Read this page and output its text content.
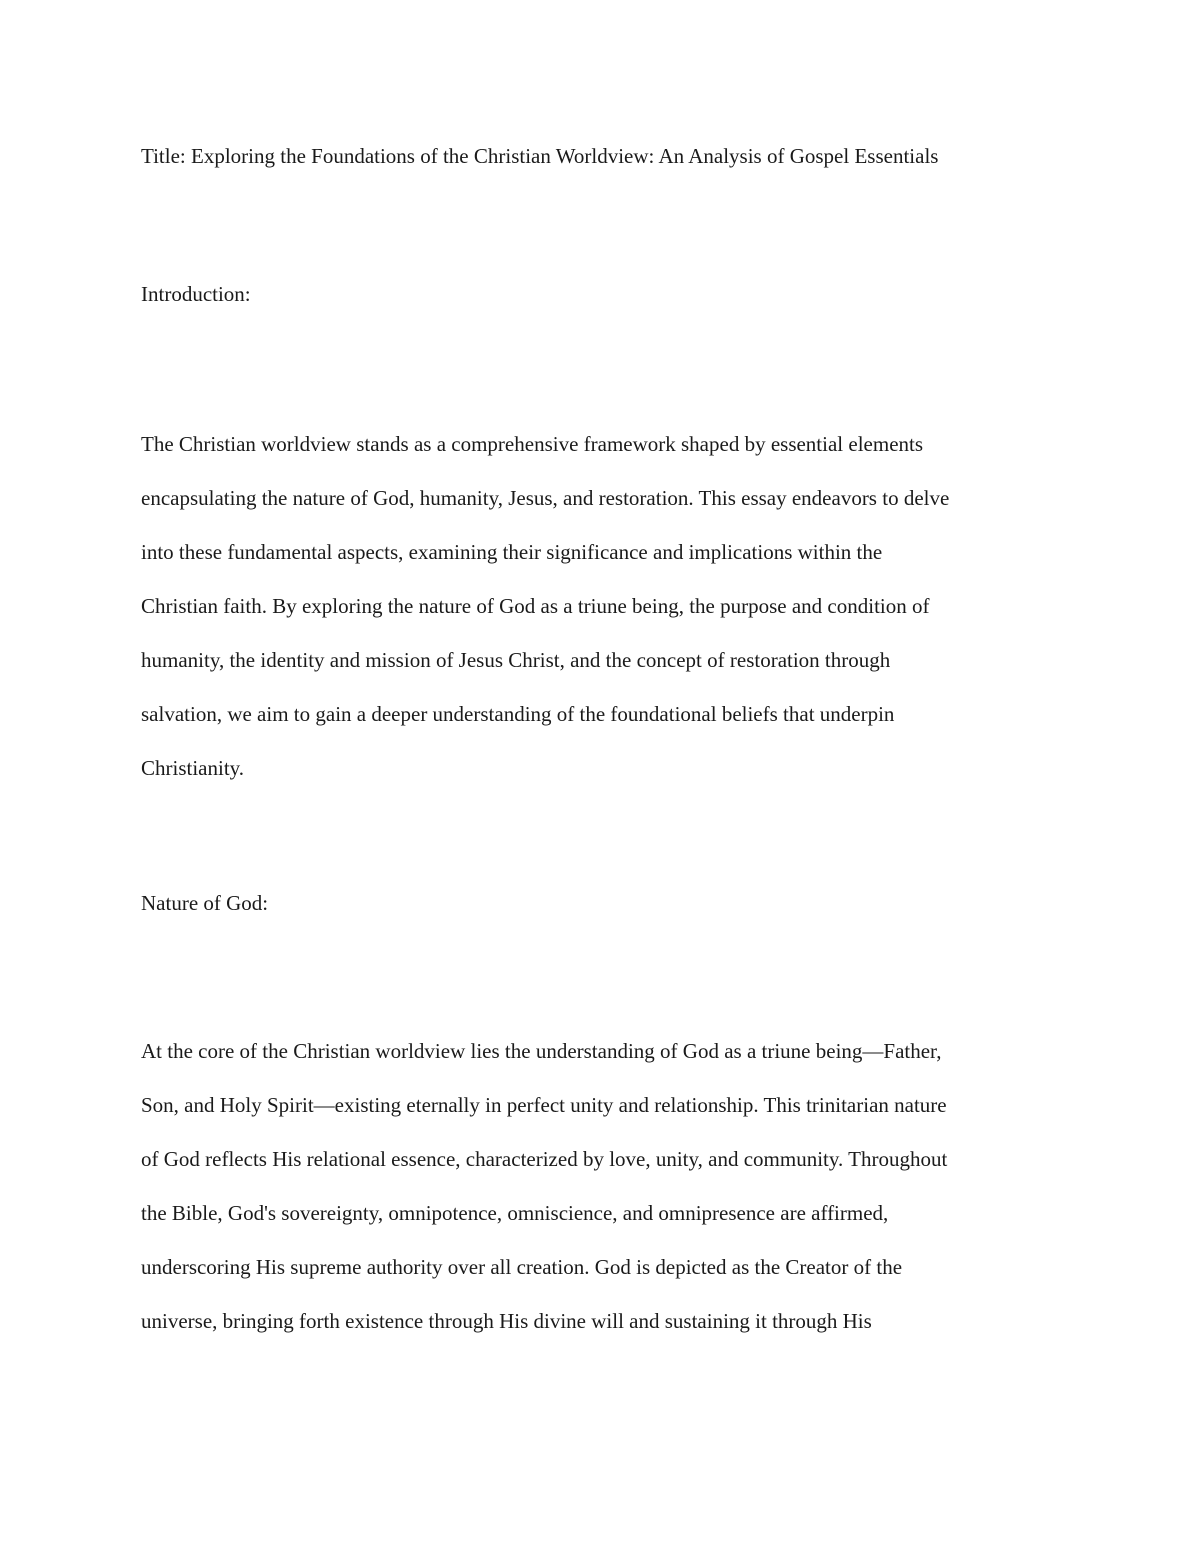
Title: Exploring the Foundations of the Christian Worldview: An Analysis of Gospel Essentials
Introduction:

The Christian worldview stands as a comprehensive framework shaped by essential elements
encapsulating the nature of God, humanity, Jesus, and restoration. This essay endeavors to delve
into these fundamental aspects, examining their significance and implications within the
Christian faith. By exploring the nature of God as a triune being, the purpose and condition of
humanity, the identity and mission of Jesus Christ, and the concept of restoration through
salvation, we aim to gain a deeper understanding of the foundational beliefs that underpin
Christianity.

Nature of God:

At the core of the Christian worldview lies the understanding of God as a triune being—Father,
Son, and Holy Spirit—existing eternally in perfect unity and relationship. This trinitarian nature
of God reflects His relational essence, characterized by love, unity, and community. Throughout
the Bible, God's sovereignty, omnipotence, omniscience, and omnipresence are affirmed,
underscoring His supreme authority over all creation. God is depicted as the Creator of the
universe, bringing forth existence through His divine will and sustaining it through His
